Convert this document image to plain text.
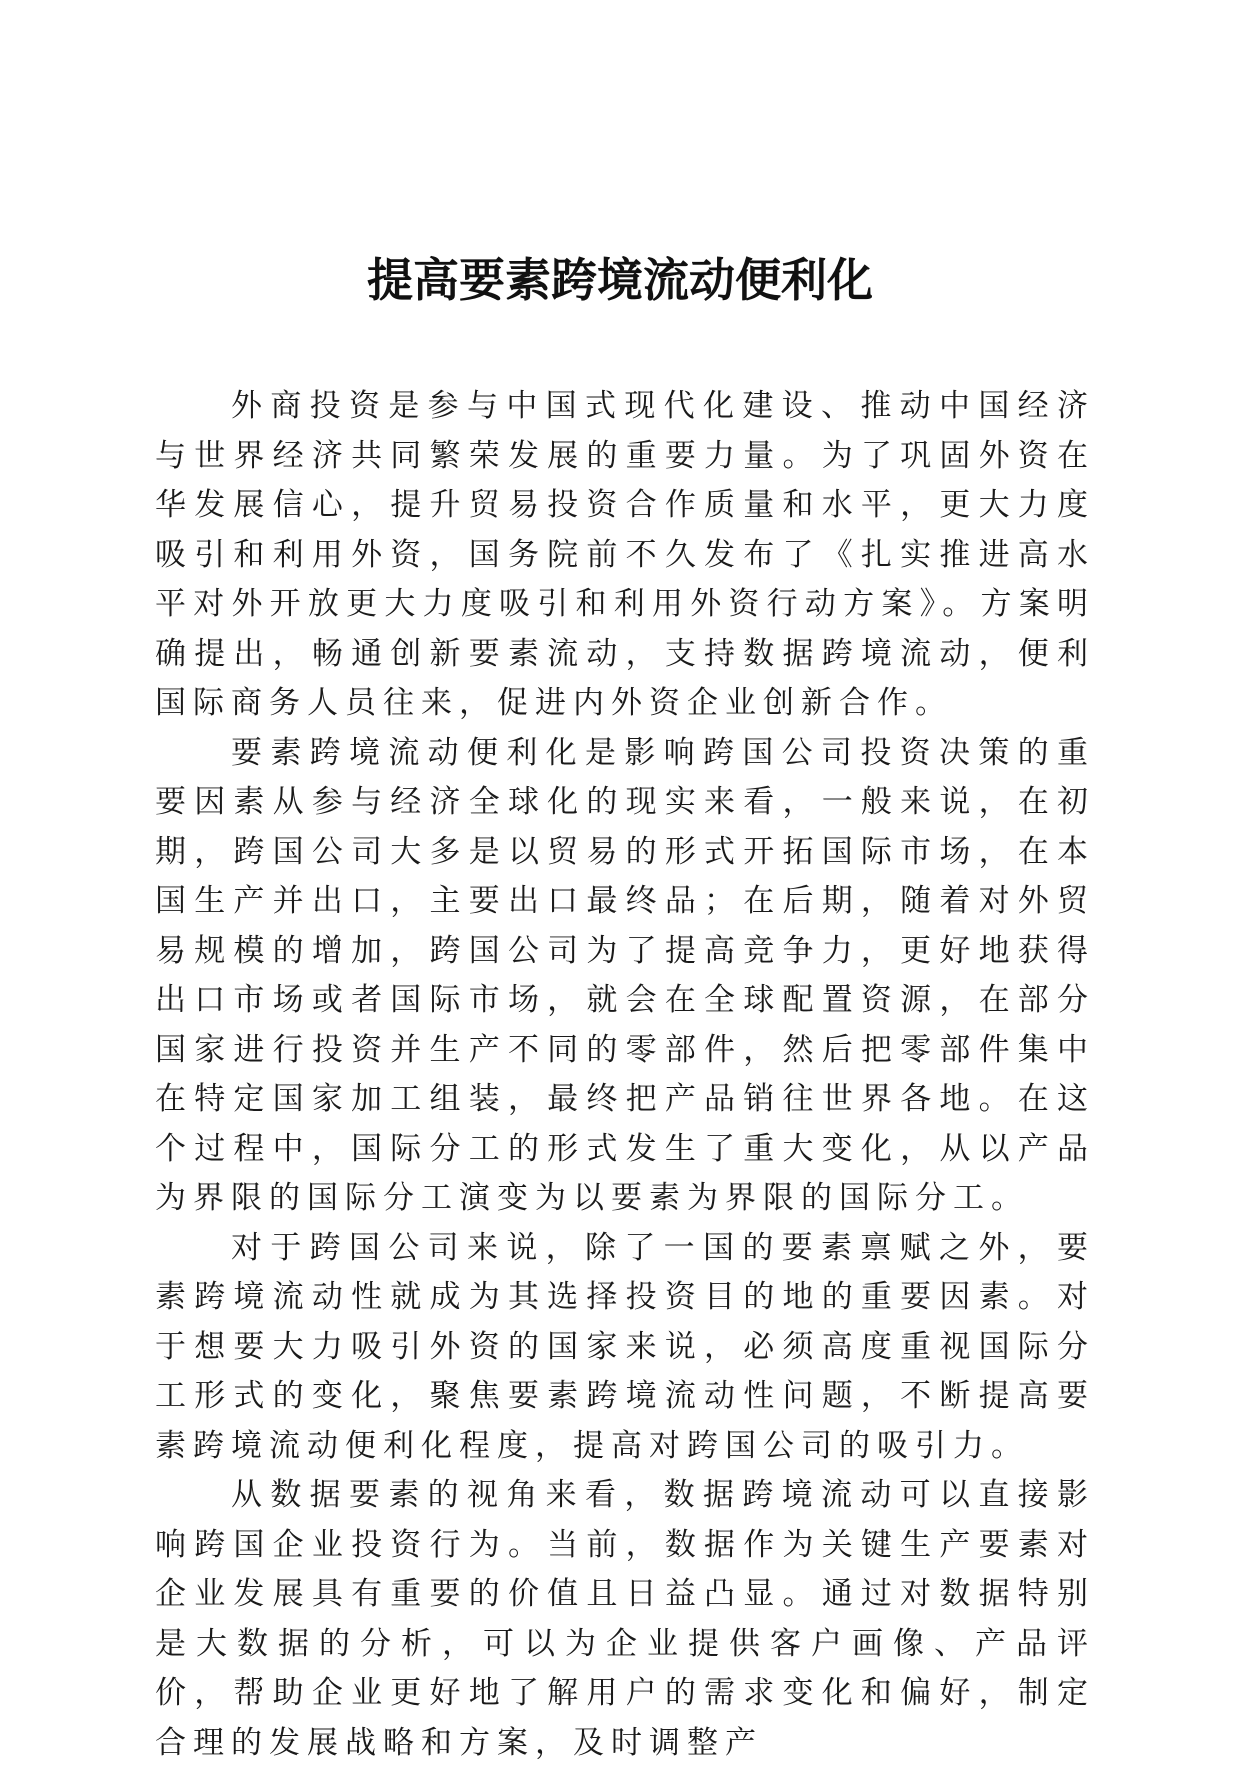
提高要素跨境流动便利化

外商投资是参与中国式现代化建设、推动中国经济与世界经济共同繁荣发展的重要力量。为了巩固外资在华发展信心，提升贸易投资合作质量和水平，更大力度吸引和利用外资，国务院前不久发布了《扎实推进高水平对外开放更大力度吸引和利用外资行动方案》。方案明确提出，畅通创新要素流动，支持数据跨境流动，便利国际商务人员往来，促进内外资企业创新合作。

要素跨境流动便利化是影响跨国公司投资决策的重要因素从参与经济全球化的现实来看，一般来说，在初期，跨国公司大多是以贸易的形式开拓国际市场，在本国生产并出口，主要出口最终品；在后期，随着对外贸易规模的增加，跨国公司为了提高竞争力，更好地获得出口市场或者国际市场，就会在全球配置资源，在部分国家进行投资并生产不同的零部件，然后把零部件集中在特定国家加工组装，最终把产品销往世界各地。在这个过程中，国际分工的形式发生了重大变化，从以产品为界限的国际分工演变为以要素为界限的国际分工。

对于跨国公司来说，除了一国的要素禀赋之外，要素跨境流动性就成为其选择投资目的地的重要因素。对于想要大力吸引外资的国家来说，必须高度重视国际分工形式的变化，聚焦要素跨境流动性问题，不断提高要素跨境流动便利化程度，提高对跨国公司的吸引力。

从数据要素的视角来看，数据跨境流动可以直接影响跨国企业投资行为。当前，数据作为关键生产要素对企业发展具有重要的价值且日益凸显。通过对数据特别是大数据的分析，可以为企业提供客户画像、产品评价，帮助企业更好地了解用户的需求变化和偏好，制定合理的发展战略和方案，及时调整产
